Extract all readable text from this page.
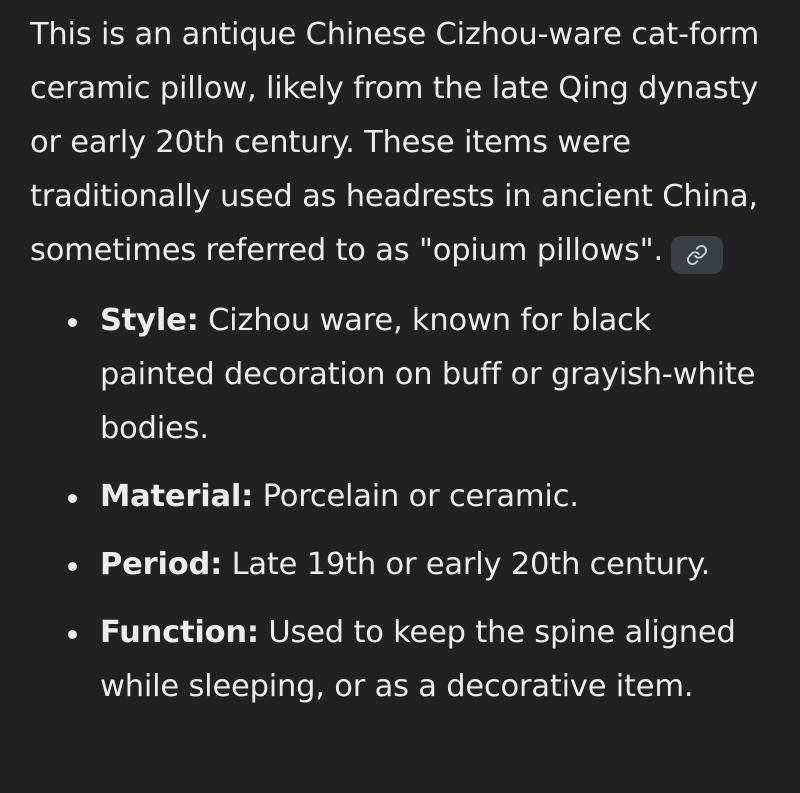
This is an antique Chinese Cizhou-ware cat-form ceramic pillow, likely from the late Qing dynasty or early 20th century. These items were traditionally used as headrests in ancient China, sometimes referred to as "opium pillows".

Style: Cizhou ware, known for black painted decoration on buff or grayish-white bodies.
Material: Porcelain or ceramic.
Period: Late 19th or early 20th century.
Function: Used to keep the spine aligned while sleeping, or as a decorative item.
